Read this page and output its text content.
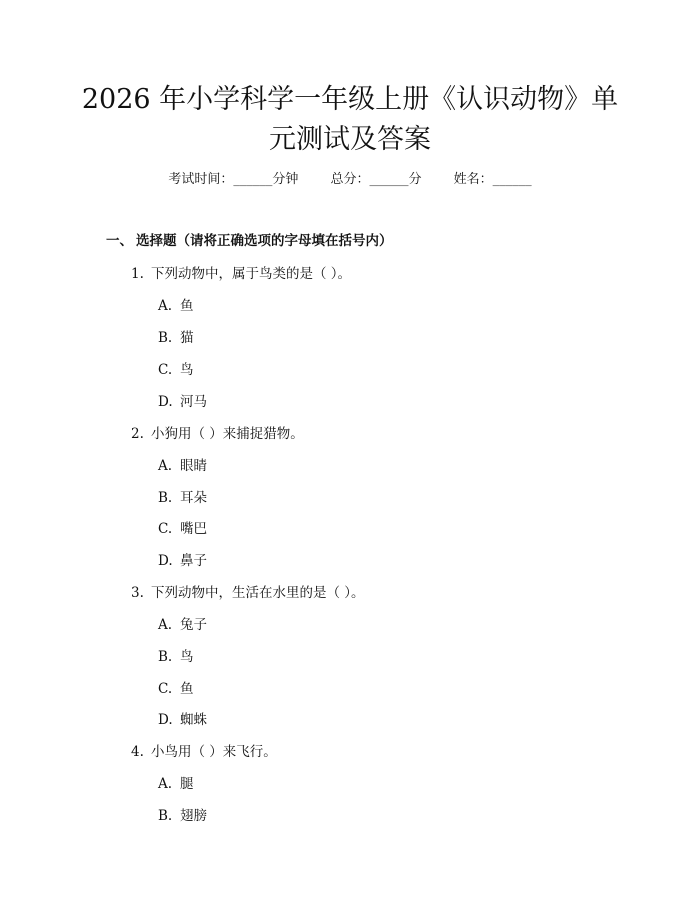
2026 年小学科学一年级上册《认识动物》单
元测试及答案
考试时间：______分钟 总分：______分 姓名：______
一、 选择题（请将正确选项的字母填在括号内）
1. 下列动物中，属于鸟类的是（ ）。
A. 鱼
B. 猫
C. 鸟
D. 河马
2. 小狗用（ ）来捕捉猎物。
A. 眼睛
B. 耳朵
C. 嘴巴
D. 鼻子
3. 下列动物中，生活在水里的是（ ）。
A. 兔子
B. 鸟
C. 鱼
D. 蜘蛛
4. 小鸟用（ ）来飞行。
A. 腿
B. 翅膀
